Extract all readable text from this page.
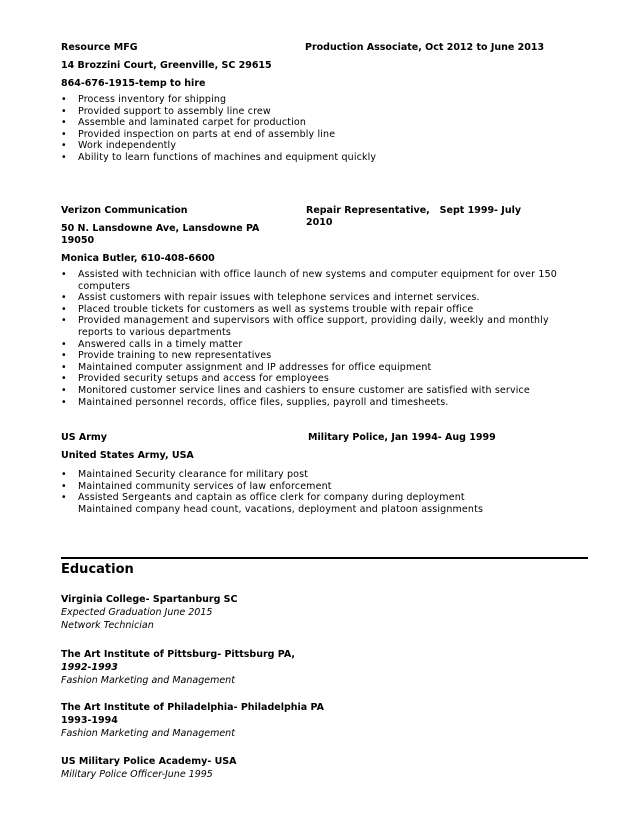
Resource MFG
14 Brozzini Court, Greenville, SC 29615
864-676-1915-temp to hire
Production Associate, Oct 2012 to June 2013
• Process inventory for shipping
• Provided support to assembly line crew
• Assemble and laminated carpet for production
• Provided inspection on parts at end of assembly line
• Work independently
• Ability to learn functions of machines and equipment quickly
Verizon Communication
50 N. Lansdowne Ave, Lansdowne PA 19050
Monica Butler, 610-408-6600
Repair Representative,   Sept 1999- July 2010
• Assisted with technician with office launch of new systems and computer equipment for over 150 computers
• Assist customers with repair issues with telephone services and internet services.
• Placed trouble tickets for customers as well as systems trouble with repair office
• Provided management and supervisors with office support, providing daily, weekly and monthly reports to various departments
• Answered calls in a timely matter
• Provide training to new representatives
• Maintained computer assignment and IP addresses for office equipment
• Provided security setups and access for employees
• Monitored customer service lines and cashiers to ensure customer are satisfied with service
• Maintained personnel records, office files, supplies, payroll and timesheets.
US Army
United States Army, USA
Military Police, Jan 1994- Aug 1999
• Maintained Security clearance for military post
• Maintained community services of law enforcement
• Assisted Sergeants and captain as office clerk for company during deployment
Maintained company head count, vacations, deployment and platoon assignments
Education
Virginia College- Spartanburg SC
Expected Graduation June 2015
Network Technician
The Art Institute of Pittsburg- Pittsburg PA,
1992-1993
Fashion Marketing and Management
The Art Institute of Philadelphia- Philadelphia PA
1993-1994
Fashion Marketing and Management
US Military Police Academy- USA
Military Police Officer-June 1995
